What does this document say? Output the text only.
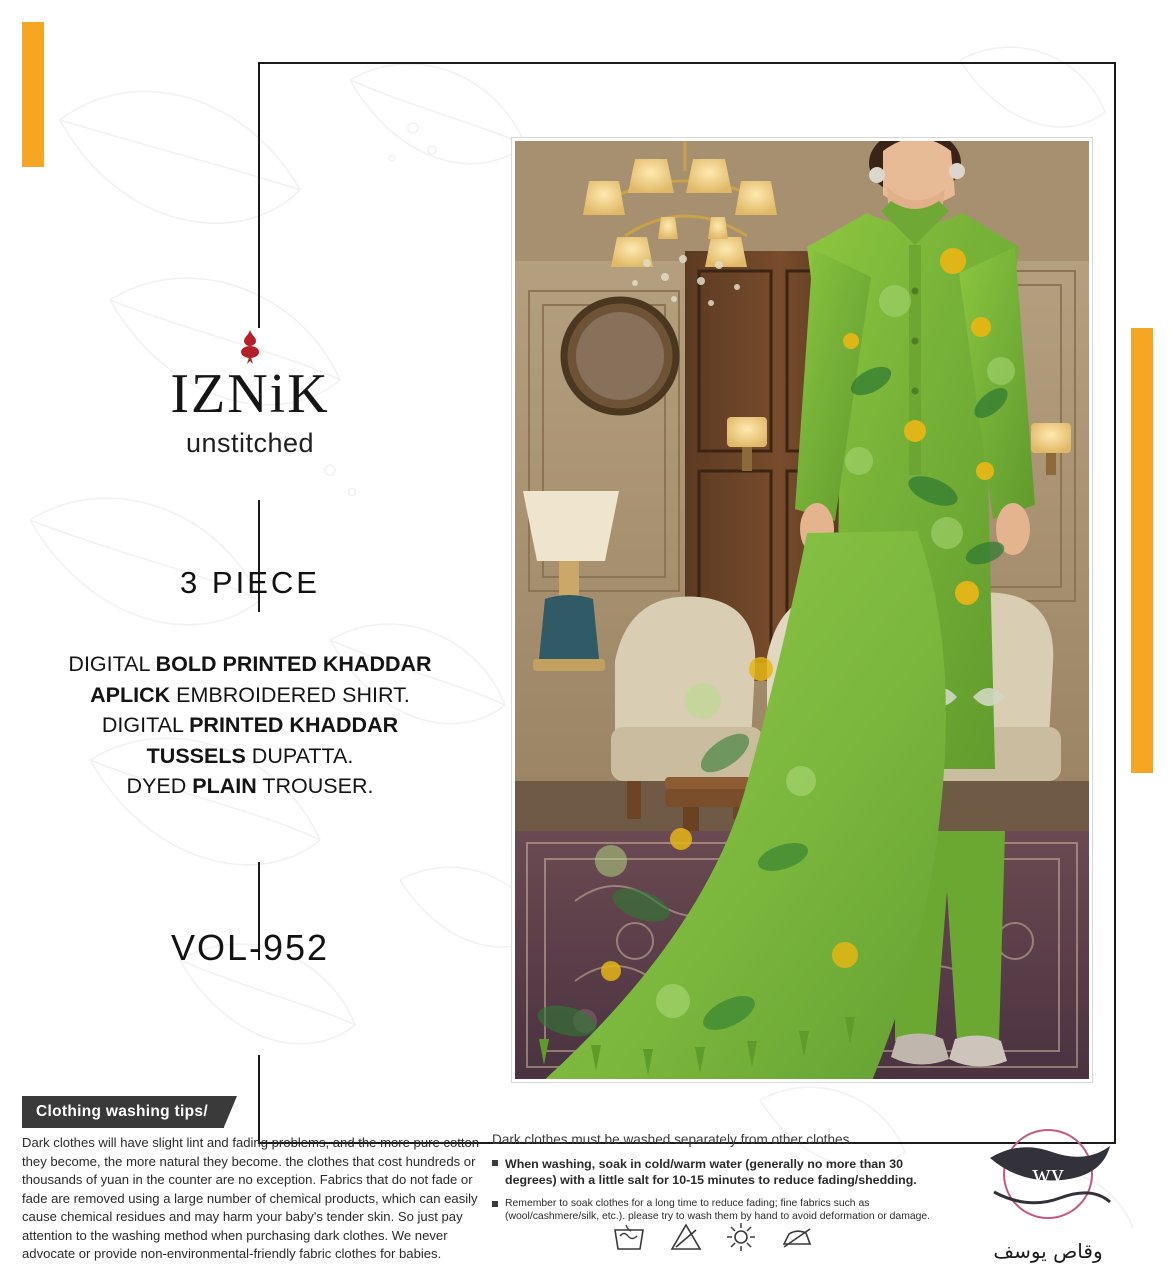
IZNiK
unstitched
3 PIECE
DIGITAL BOLD PRINTED KHADDAR
APLICK EMBROIDERED SHIRT.
DIGITAL PRINTED KHADDAR
TUSSELS DUPATTA.
DYED PLAIN TROUSER.
VOL-952
Clothing washing tips/
Dark clothes will have slight lint and fading problems, and the more pure cotton they become, the more natural they become. the clothes that cost hundreds or thousands of yuan in the counter are no exception. Fabrics that do not fade or fade are removed using a large number of chemical products, which can easily cause chemical residues and may harm your baby's tender skin. So just pay attention to the washing method when purchasing dark clothes. We never advocate or provide non-environmental-friendly fabric clothes for babies.
Dark clothes must be washed separately from other clothes.
When washing, soak in cold/warm water (generally no more than 30 degrees) with a little salt for 10-15 minutes to reduce fading/shedding.
Remember to soak clothes for a long time to reduce fading; fine fabrics such as (wool/cashmere/silk, etc.). please try to wash them by hand to avoid deformation or damage.
wy
وقاص یوسف
